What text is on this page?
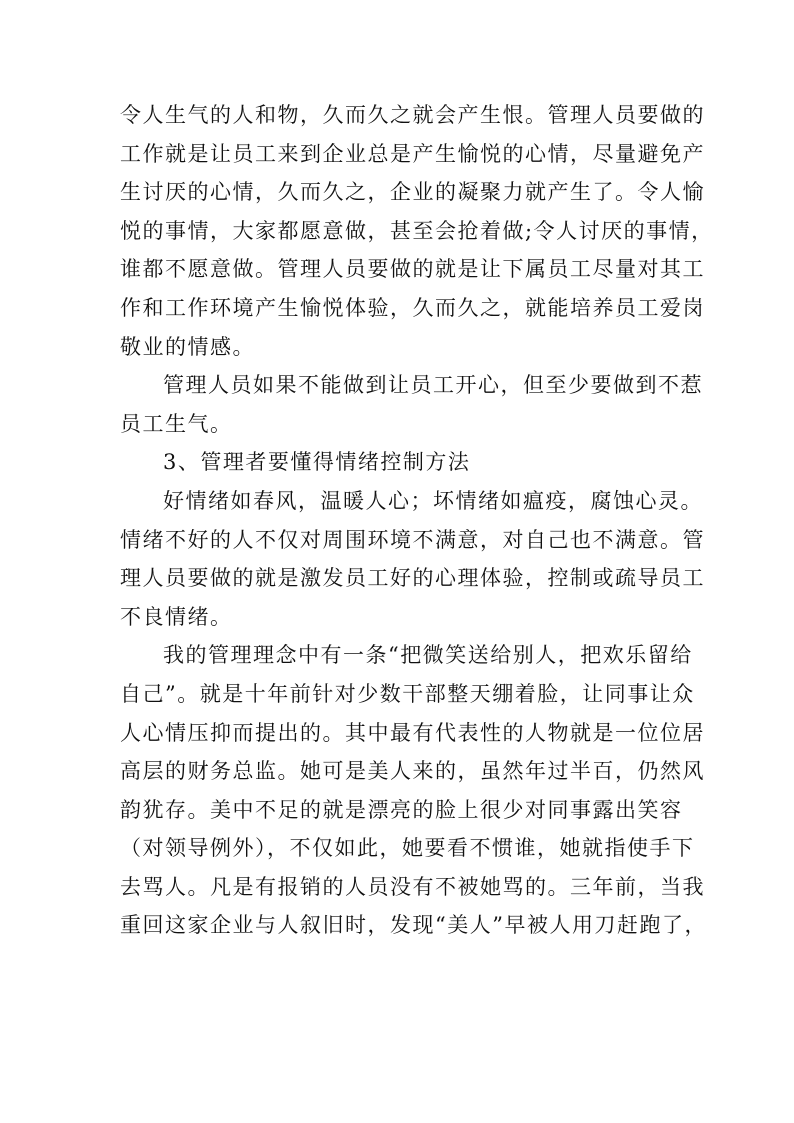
令人生气的人和物，久而久之就会产生恨。管理人员要做的
工作就是让员工来到企业总是产生愉悦的心情，尽量避免产
生讨厌的心情，久而久之，企业的凝聚力就产生了。令人愉
悦的事情，大家都愿意做，甚至会抢着做;令人讨厌的事情，
谁都不愿意做。管理人员要做的就是让下属员工尽量对其工
作和工作环境产生愉悦体验，久而久之，就能培养员工爱岗
敬业的情感。
管理人员如果不能做到让员工开心，但至少要做到不惹
员工生气。
3、管理者要懂得情绪控制方法
好情绪如春风，温暖人心；坏情绪如瘟疫，腐蚀心灵。
情绪不好的人不仅对周围环境不满意，对自己也不满意。管
理人员要做的就是激发员工好的心理体验，控制或疏导员工
不良情绪。
我的管理理念中有一条“把微笑送给别人，把欢乐留给
自己”。就是十年前针对少数干部整天绷着脸，让同事让众
人心情压抑而提出的。其中最有代表性的人物就是一位位居
高层的财务总监。她可是美人来的，虽然年过半百，仍然风
韵犹存。美中不足的就是漂亮的脸上很少对同事露出笑容
（对领导例外），不仅如此，她要看不惯谁，她就指使手下
去骂人。凡是有报销的人员没有不被她骂的。三年前，当我
重回这家企业与人叙旧时，发现“美人”早被人用刀赶跑了，
